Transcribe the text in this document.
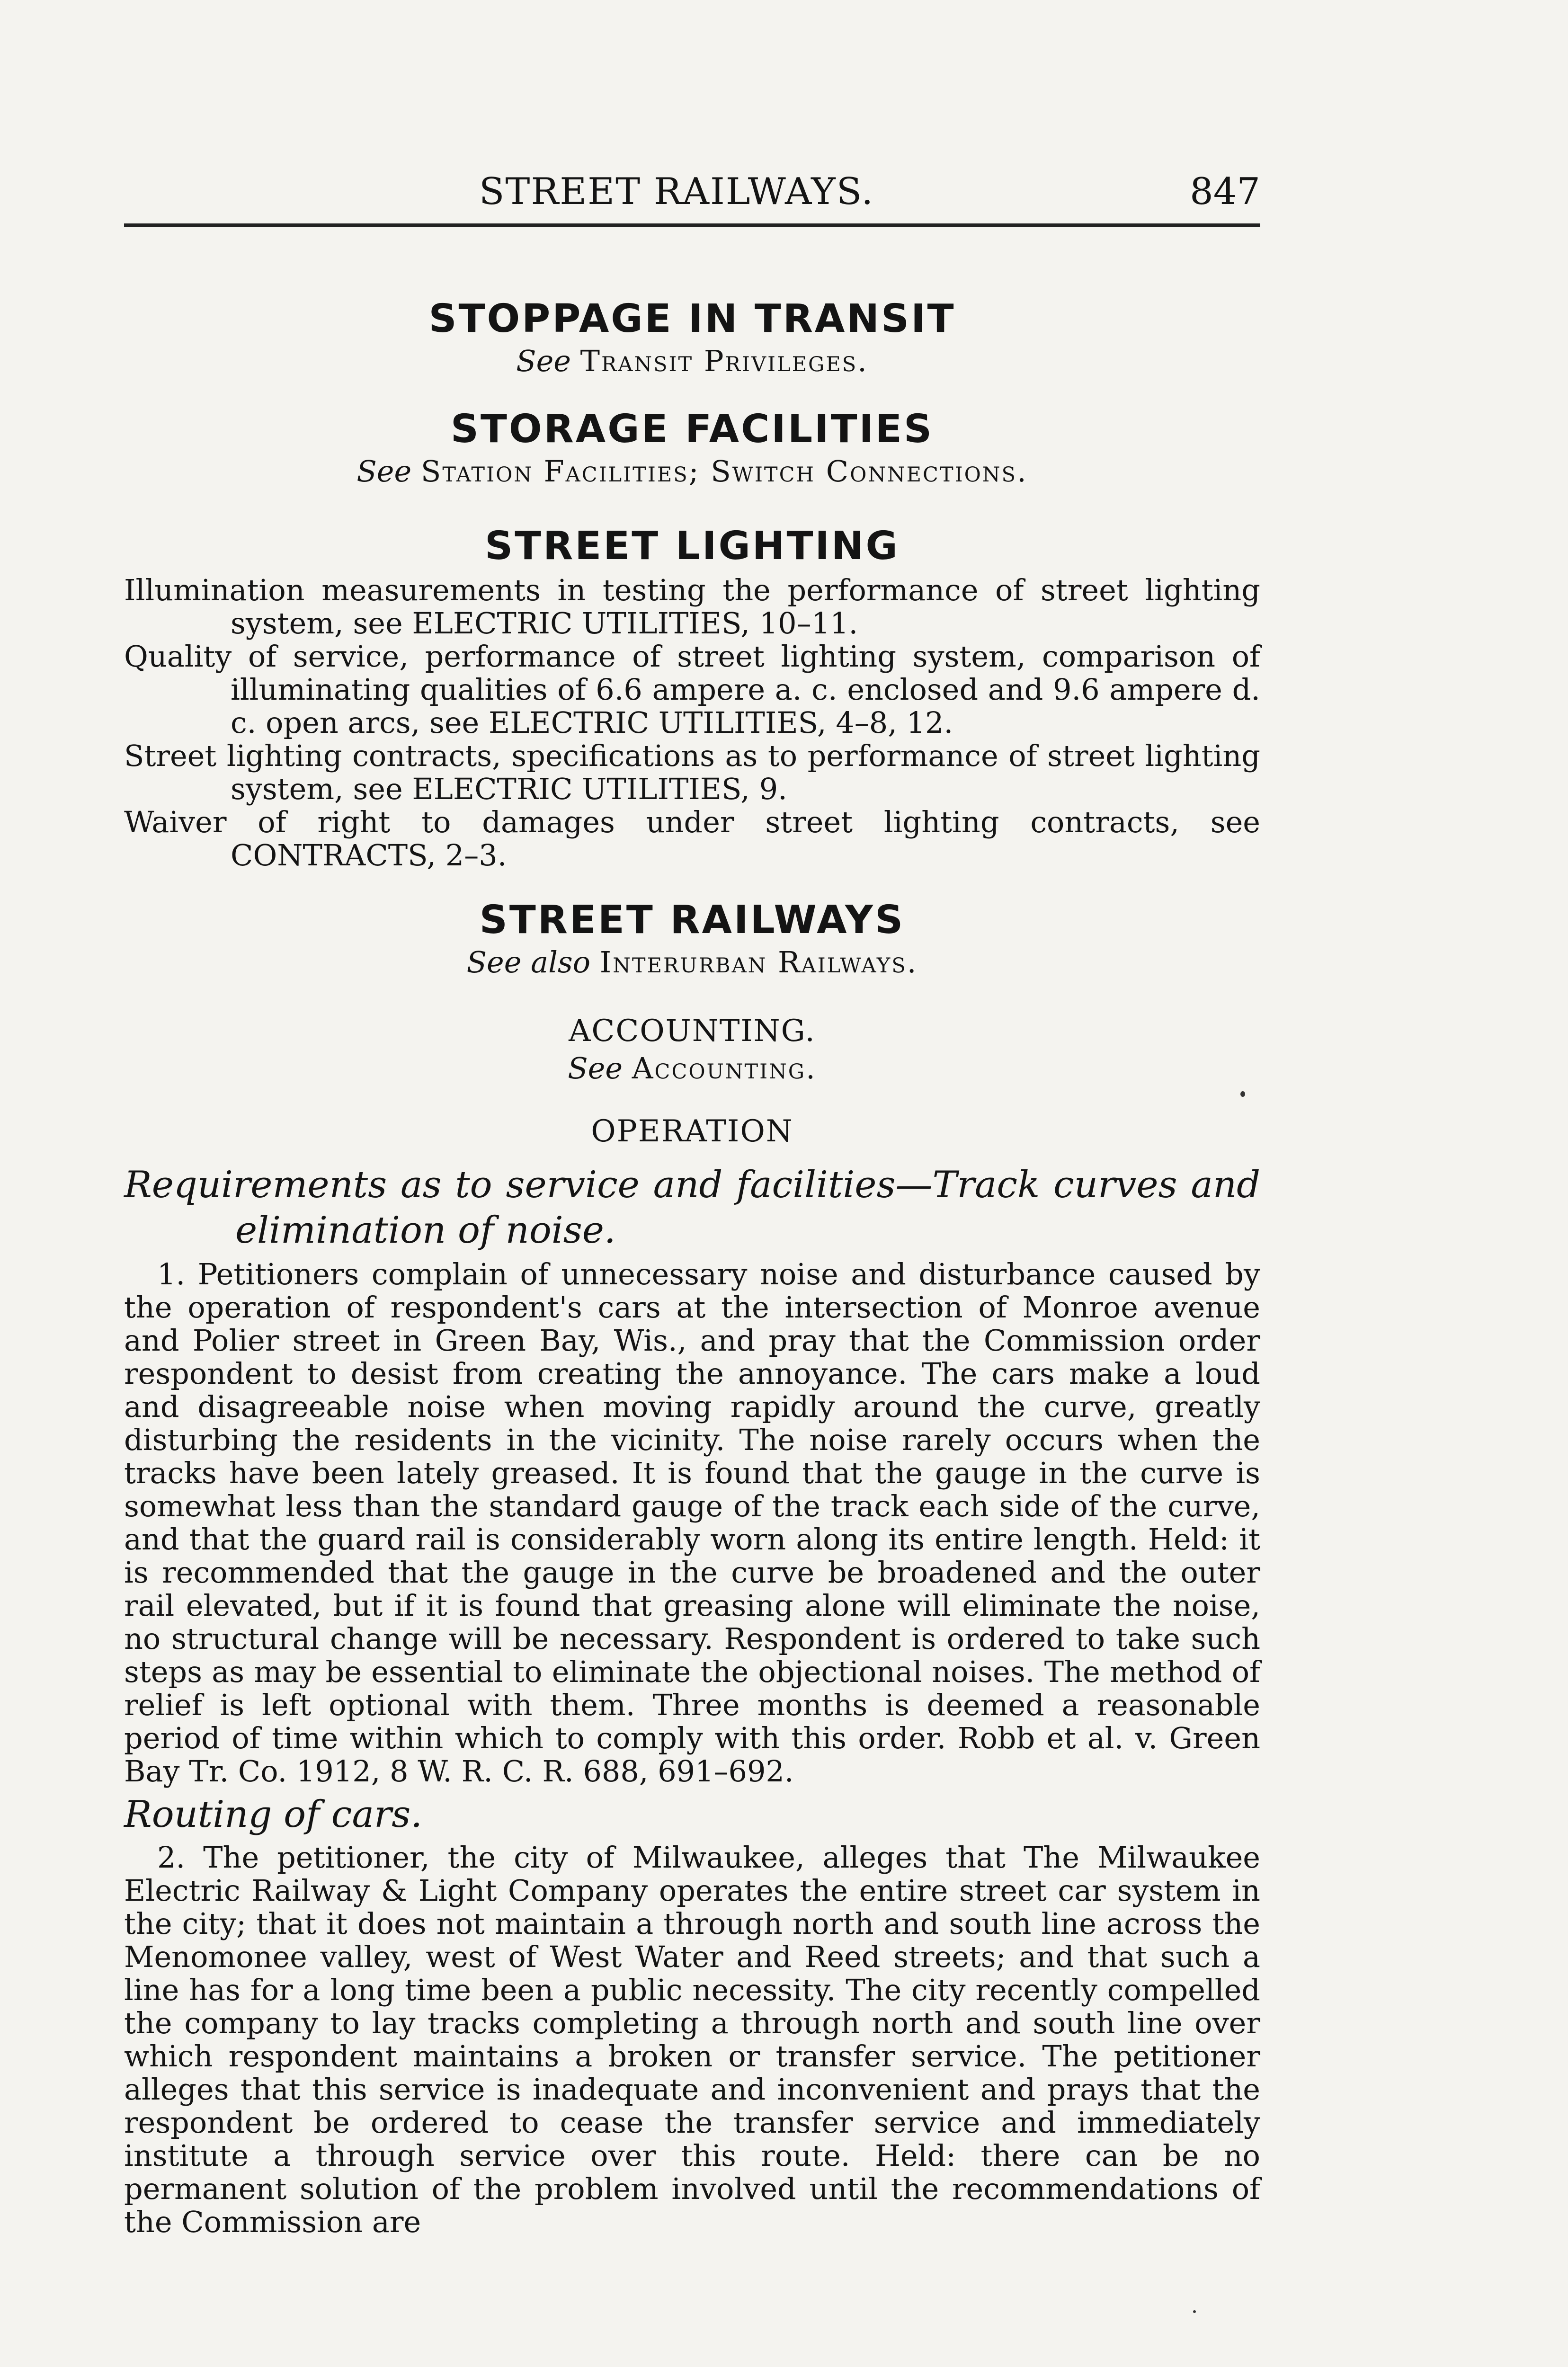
STREET RAILWAYS.	847
STOPPAGE IN TRANSIT
See Transit Privileges.
STORAGE FACILITIES
See Station Facilities; Switch Connections.
STREET LIGHTING

Illumination measurements in testing the performance of street lighting system, see ELECTRIC UTILITIES, 10–11.

Quality of service, performance of street lighting system, comparison of illuminating qualities of 6.6 ampere a. c. enclosed and 9.6 ampere d. c. open arcs, see ELECTRIC UTILITIES, 4–8, 12.

Street lighting contracts, specifications as to performance of street lighting system, see ELECTRIC UTILITIES, 9.

Waiver of right to damages under street lighting contracts, see CONTRACTS, 2–3.

STREET RAILWAYS
See also Interurban Railways.
ACCOUNTING.
See Accounting.
OPERATION

Requirements as to service and facilities—Track curves and elimination of noise.

1. Petitioners complain of unnecessary noise and disturbance caused by the operation of respondent's cars at the intersection of Monroe avenue and Polier street in Green Bay, Wis., and pray that the Commission order respondent to desist from creating the annoyance. The cars make a loud and disagreeable noise when moving rapidly around the curve, greatly disturbing the residents in the vicinity. The noise rarely occurs when the tracks have been lately greased. It is found that the gauge in the curve is somewhat less than the standard gauge of the track each side of the curve, and that the guard rail is considerably worn along its entire length. Held: it is recommended that the gauge in the curve be broadened and the outer rail elevated, but if it is found that greasing alone will eliminate the noise, no structural change will be necessary. Respondent is ordered to take such steps as may be essential to eliminate the objectional noises. The method of relief is left optional with them. Three months is deemed a reasonable period of time within which to comply with this order. Robb et al. v. Green Bay Tr. Co. 1912, 8 W. R. C. R. 688, 691–692.

Routing of cars.

2. The petitioner, the city of Milwaukee, alleges that The Milwaukee Electric Railway & Light Company operates the entire street car system in the city; that it does not maintain a through north and south line across the Menomonee valley, west of West Water and Reed streets; and that such a line has for a long time been a public necessity. The city recently compelled the company to lay tracks completing a through north and south line over which respondent maintains a broken or transfer service. The petitioner alleges that this service is inadequate and inconvenient and prays that the respondent be ordered to cease the transfer service and immediately institute a through service over this route. Held: there can be no permanent solution of the problem involved until the recommendations of the Commission are
